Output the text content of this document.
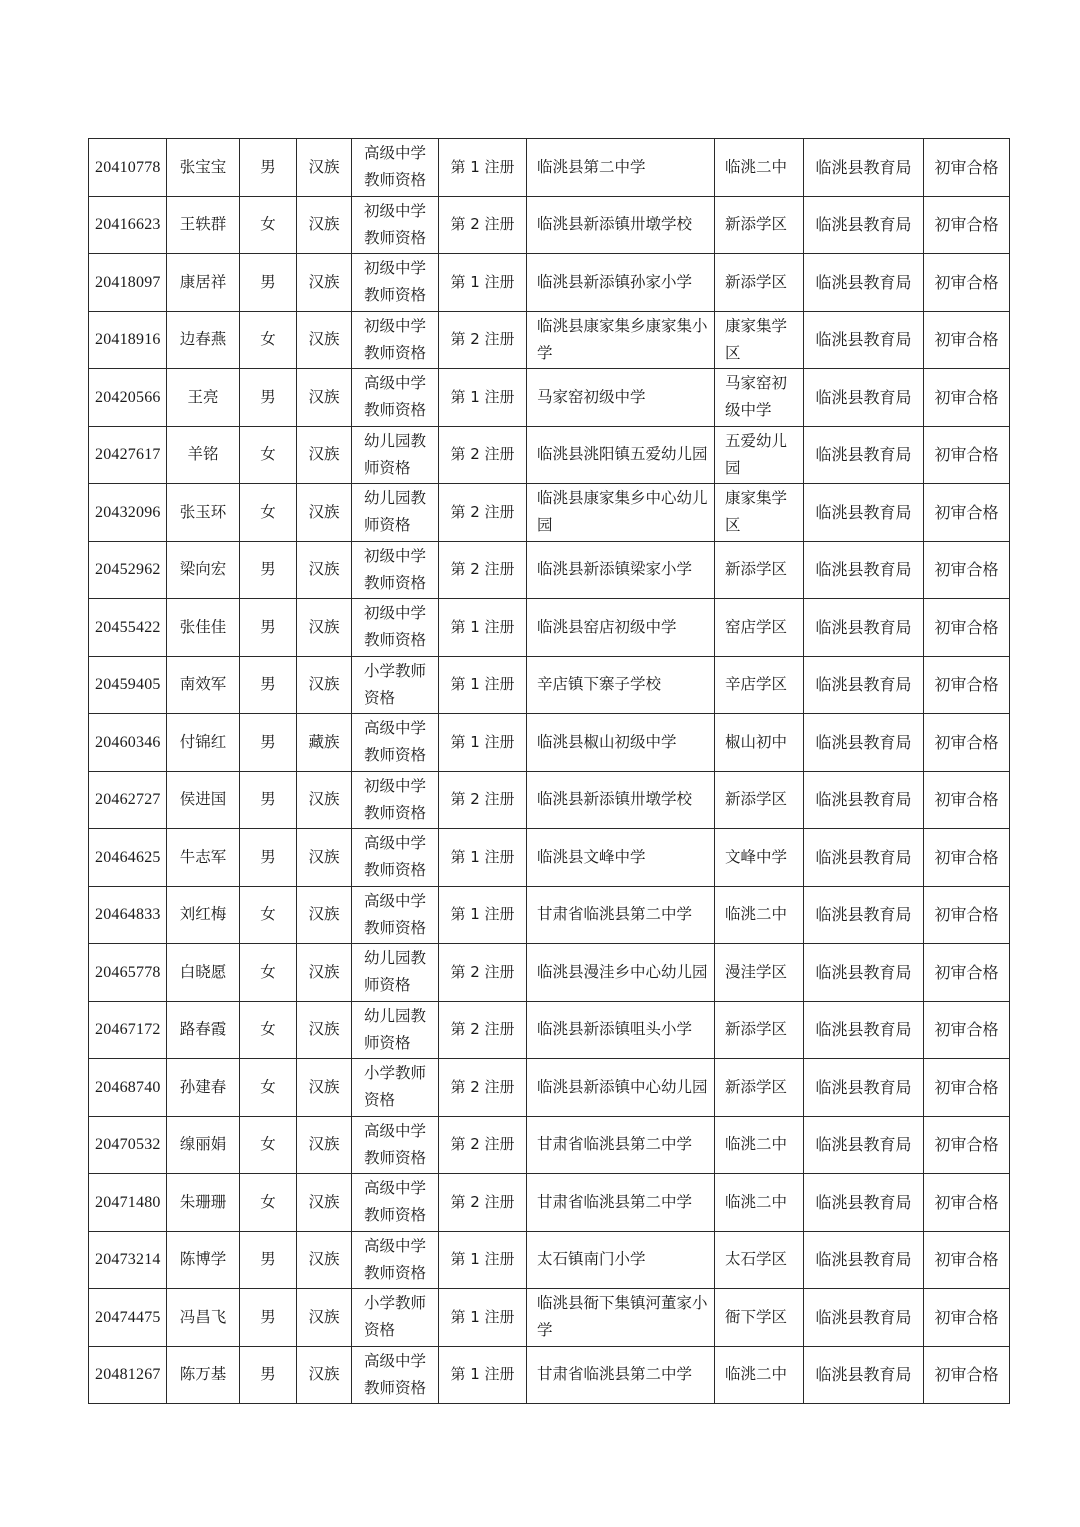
20410778	张宝宝	男	汉族	高级中学教师资格	第 1 注册	临洮县第二中学	临洮二中	临洮县教育局	初审合格
20416623	王轶群	女	汉族	初级中学教师资格	第 2 注册	临洮县新添镇卅墩学校	新添学区	临洮县教育局	初审合格
20418097	康居祥	男	汉族	初级中学教师资格	第 1 注册	临洮县新添镇孙家小学	新添学区	临洮县教育局	初审合格
20418916	边春燕	女	汉族	初级中学教师资格	第 2 注册	临洮县康家集乡康家集小学	康家集学区	临洮县教育局	初审合格
20420566	王亮	男	汉族	高级中学教师资格	第 1 注册	马家窑初级中学	马家窑初级中学	临洮县教育局	初审合格
20427617	羊铭	女	汉族	幼儿园教师资格	第 2 注册	临洮县洮阳镇五爱幼儿园	五爱幼儿园	临洮县教育局	初审合格
20432096	张玉环	女	汉族	幼儿园教师资格	第 2 注册	临洮县康家集乡中心幼儿园	康家集学区	临洮县教育局	初审合格
20452962	梁向宏	男	汉族	初级中学教师资格	第 2 注册	临洮县新添镇梁家小学	新添学区	临洮县教育局	初审合格
20455422	张佳佳	男	汉族	初级中学教师资格	第 1 注册	临洮县窑店初级中学	窑店学区	临洮县教育局	初审合格
20459405	南效军	男	汉族	小学教师资格	第 1 注册	辛店镇下寨子学校	辛店学区	临洮县教育局	初审合格
20460346	付锦红	男	藏族	高级中学教师资格	第 1 注册	临洮县椒山初级中学	椒山初中	临洮县教育局	初审合格
20462727	侯进国	男	汉族	初级中学教师资格	第 2 注册	临洮县新添镇卅墩学校	新添学区	临洮县教育局	初审合格
20464625	牛志军	男	汉族	高级中学教师资格	第 1 注册	临洮县文峰中学	文峰中学	临洮县教育局	初审合格
20464833	刘红梅	女	汉族	高级中学教师资格	第 1 注册	甘肃省临洮县第二中学	临洮二中	临洮县教育局	初审合格
20465778	白晓愿	女	汉族	幼儿园教师资格	第 2 注册	临洮县漫洼乡中心幼儿园	漫洼学区	临洮县教育局	初审合格
20467172	路春霞	女	汉族	幼儿园教师资格	第 2 注册	临洮县新添镇咀头小学	新添学区	临洮县教育局	初审合格
20468740	孙建春	女	汉族	小学教师资格	第 2 注册	临洮县新添镇中心幼儿园	新添学区	临洮县教育局	初审合格
20470532	缐丽娟	女	汉族	高级中学教师资格	第 2 注册	甘肃省临洮县第二中学	临洮二中	临洮县教育局	初审合格
20471480	朱珊珊	女	汉族	高级中学教师资格	第 2 注册	甘肃省临洮县第二中学	临洮二中	临洮县教育局	初审合格
20473214	陈博学	男	汉族	高级中学教师资格	第 1 注册	太石镇南门小学	太石学区	临洮县教育局	初审合格
20474475	冯昌飞	男	汉族	小学教师资格	第 1 注册	临洮县衙下集镇河董家小学	衙下学区	临洮县教育局	初审合格
20481267	陈万基	男	汉族	高级中学教师资格	第 1 注册	甘肃省临洮县第二中学	临洮二中	临洮县教育局	初审合格
